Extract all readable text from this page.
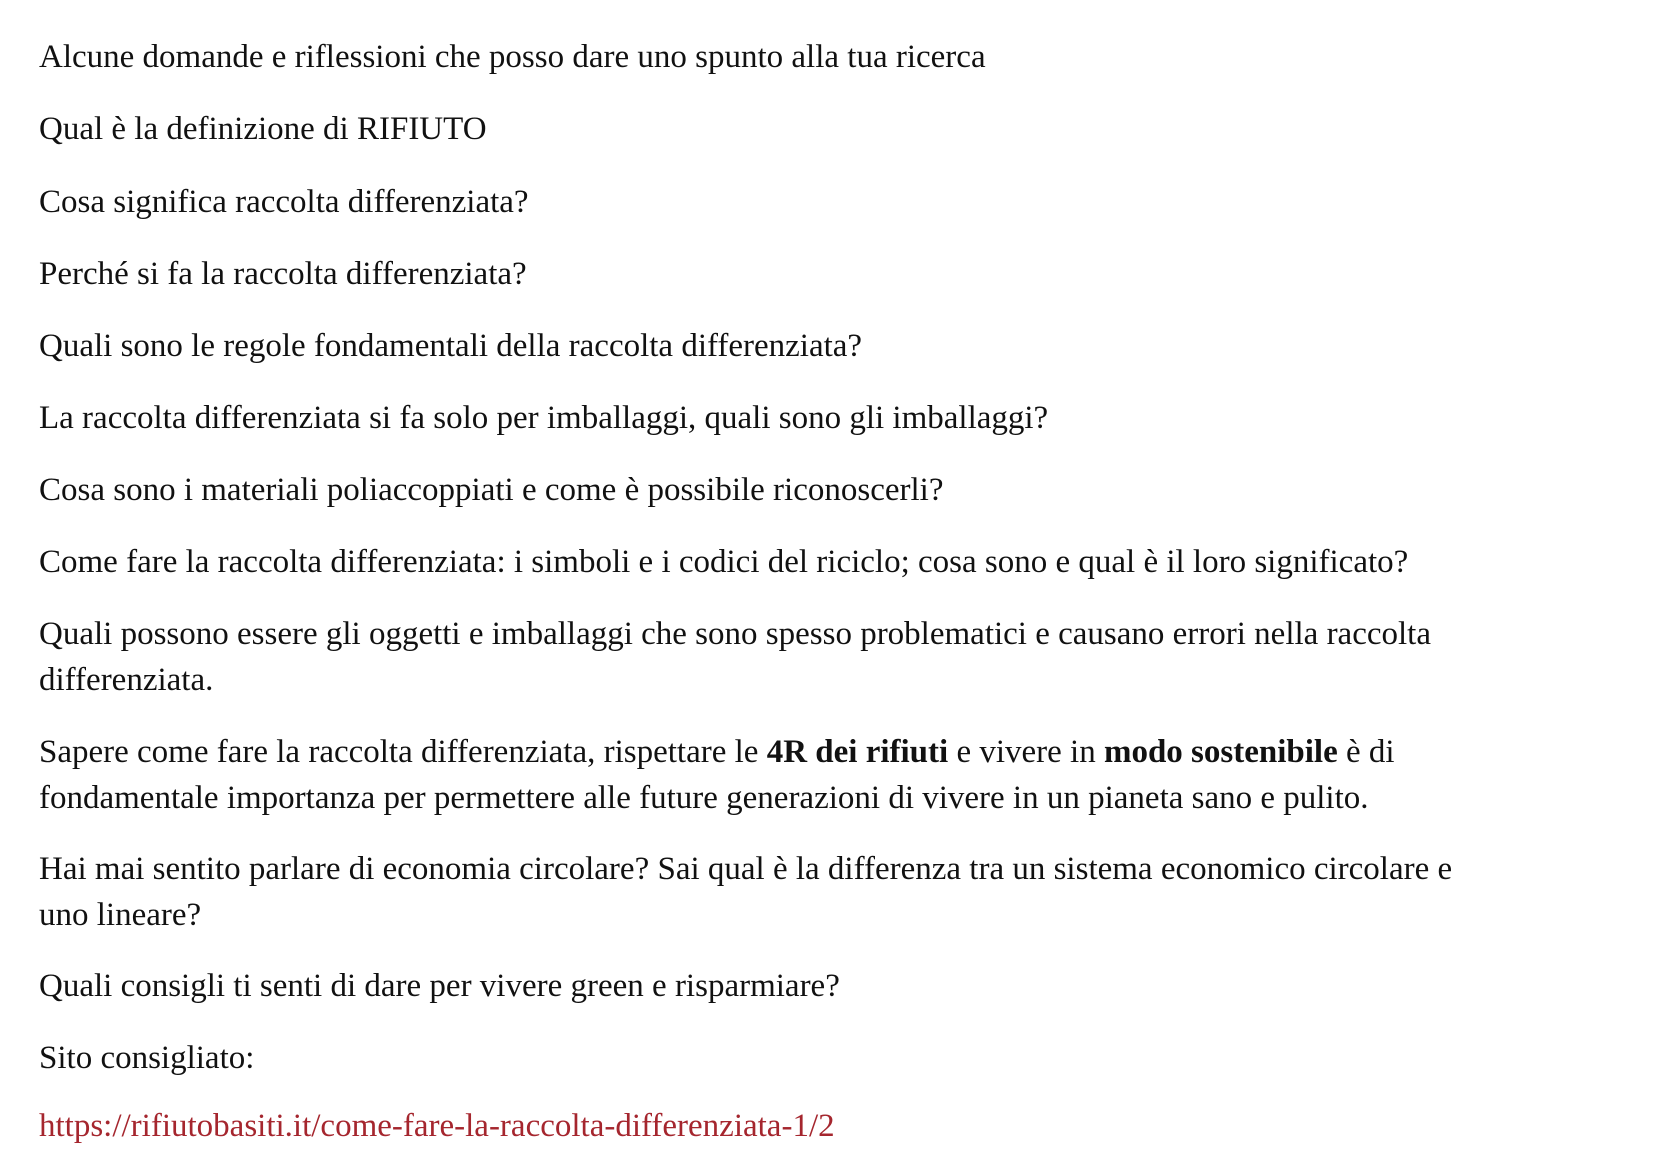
Alcune domande e riflessioni che posso dare uno spunto alla tua ricerca

Qual è la definizione di RIFIUTO

Cosa significa raccolta differenziata?

Perché si fa la raccolta differenziata?

Quali sono le regole fondamentali della raccolta differenziata?

La raccolta differenziata si fa solo per imballaggi, quali sono gli imballaggi?

Cosa sono i materiali poliaccoppiati e come è possibile riconoscerli?

Come fare la raccolta differenziata: i simboli e i codici del riciclo; cosa sono e qual è il loro significato?

Quali possono essere gli oggetti e imballaggi che sono spesso problematici e causano errori nella raccolta
differenziata.
Sapere come fare la raccolta differenziata, rispettare le 4R dei rifiuti e vivere in modo sostenibile è di
fondamentale importanza per permettere alle future generazioni di vivere in un pianeta sano e pulito.
Hai mai sentito parlare di economia circolare? Sai qual è la differenza tra un sistema economico circolare e
uno lineare?

Quali consigli ti senti di dare per vivere green e risparmiare?

Sito consigliato:

https://rifiutobasiti.it/come-fare-la-raccolta-differenziata-1/2
